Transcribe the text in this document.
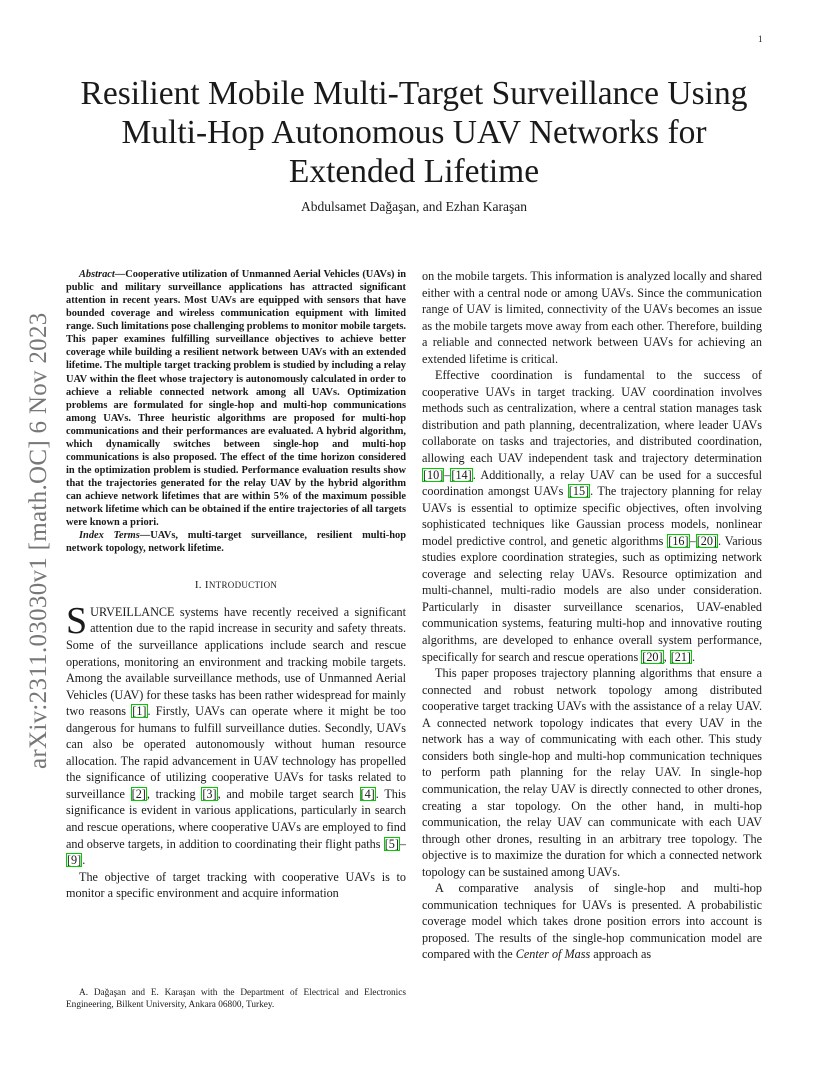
1
arXiv:2311.03030v1 [math.OC] 6 Nov 2023
Resilient Mobile Multi-Target Surveillance Using Multi-Hop Autonomous UAV Networks for Extended Lifetime
Abdulsamet Dağaşan, and Ezhan Karaşan

Abstract—Cooperative utilization of Unmanned Aerial Vehicles (UAVs) in public and military surveillance applications has attracted significant attention in recent years. Most UAVs are equipped with sensors that have bounded coverage and wireless communication equipment with limited range. Such limitations pose challenging problems to monitor mobile targets. This paper examines fulfilling surveillance objectives to achieve better coverage while building a resilient network between UAVs with an extended lifetime. The multiple target tracking problem is studied by including a relay UAV within the fleet whose trajectory is autonomously calculated in order to achieve a reliable connected network among all UAVs. Optimization problems are formulated for single-hop and multi-hop communications among UAVs. Three heuristic algorithms are proposed for multi-hop communications and their performances are evaluated. A hybrid algorithm, which dynamically switches between single-hop and multi-hop communications is also proposed. The effect of the time horizon considered in the optimization problem is studied. Performance evaluation results show that the trajectories generated for the relay UAV by the hybrid algorithm can achieve network lifetimes that are within 5% of the maximum possible network lifetime which can be obtained if the entire trajectories of all targets were known a priori.

Index Terms—UAVs, multi-target surveillance, resilient multi-hop network topology, network lifetime.

I. INTRODUCTION

SURVEILLANCE systems have recently received a significant attention due to the rapid increase in security and safety threats. Some of the surveillance applications include search and rescue operations, monitoring an environment and tracking mobile targets. Among the available surveillance methods, use of Unmanned Aerial Vehicles (UAV) for these tasks has been rather widespread for mainly two reasons [1]. Firstly, UAVs can operate where it might be too dangerous for humans to fulfill surveillance duties. Secondly, UAVs can also be operated autonomously without human resource allocation. The rapid advancement in UAV technology has propelled the significance of utilizing cooperative UAVs for tasks related to surveillance [2], tracking [3], and mobile target search [4]. This significance is evident in various applications, particularly in search and rescue operations, where cooperative UAVs are employed to find and observe targets, in addition to coordinating their flight paths [5]–[9].

The objective of target tracking with cooperative UAVs is to monitor a specific environment and acquire information

on the mobile targets. This information is analyzed locally and shared either with a central node or among UAVs. Since the communication range of UAV is limited, connectivity of the UAVs becomes an issue as the mobile targets move away from each other. Therefore, building a reliable and connected network between UAVs for achieving an extended lifetime is critical.

Effective coordination is fundamental to the success of cooperative UAVs in target tracking. UAV coordination involves methods such as centralization, where a central station manages task distribution and path planning, decentralization, where leader UAVs collaborate on tasks and trajectories, and distributed coordination, allowing each UAV independent task and trajectory determination [10]–[14]. Additionally, a relay UAV can be used for a succesful coordination amongst UAVs [15]. The trajectory planning for relay UAVs is essential to optimize specific objectives, often involving sophisticated techniques like Gaussian process models, nonlinear model predictive control, and genetic algorithms [16]–[20]. Various studies explore coordination strategies, such as optimizing network coverage and selecting relay UAVs. Resource optimization and multi-channel, multi-radio models are also under consideration. Particularly in disaster surveillance scenarios, UAV-enabled communication systems, featuring multi-hop and innovative routing algorithms, are developed to enhance overall system performance, specifically for search and rescue operations [20], [21].

This paper proposes trajectory planning algorithms that ensure a connected and robust network topology among distributed cooperative target tracking UAVs with the assistance of a relay UAV. A connected network topology indicates that every UAV in the network has a way of communicating with each other. This study considers both single-hop and multi-hop communication techniques to perform path planning for the relay UAV. In single-hop communication, the relay UAV is directly connected to other drones, creating a star topology. On the other hand, in multi-hop communication, the relay UAV can communicate with each UAV through other drones, resulting in an arbitrary tree topology. The objective is to maximize the duration for which a connected network topology can be sustained among UAVs.

A comparative analysis of single-hop and multi-hop communication techniques for UAVs is presented. A probabilistic coverage model which takes drone position errors into account is proposed. The results of the single-hop communication model are compared with the Center of Mass approach as

A. Dağaşan and E. Karaşan with the Department of Electrical and Electronics Engineering, Bilkent University, Ankara 06800, Turkey.
